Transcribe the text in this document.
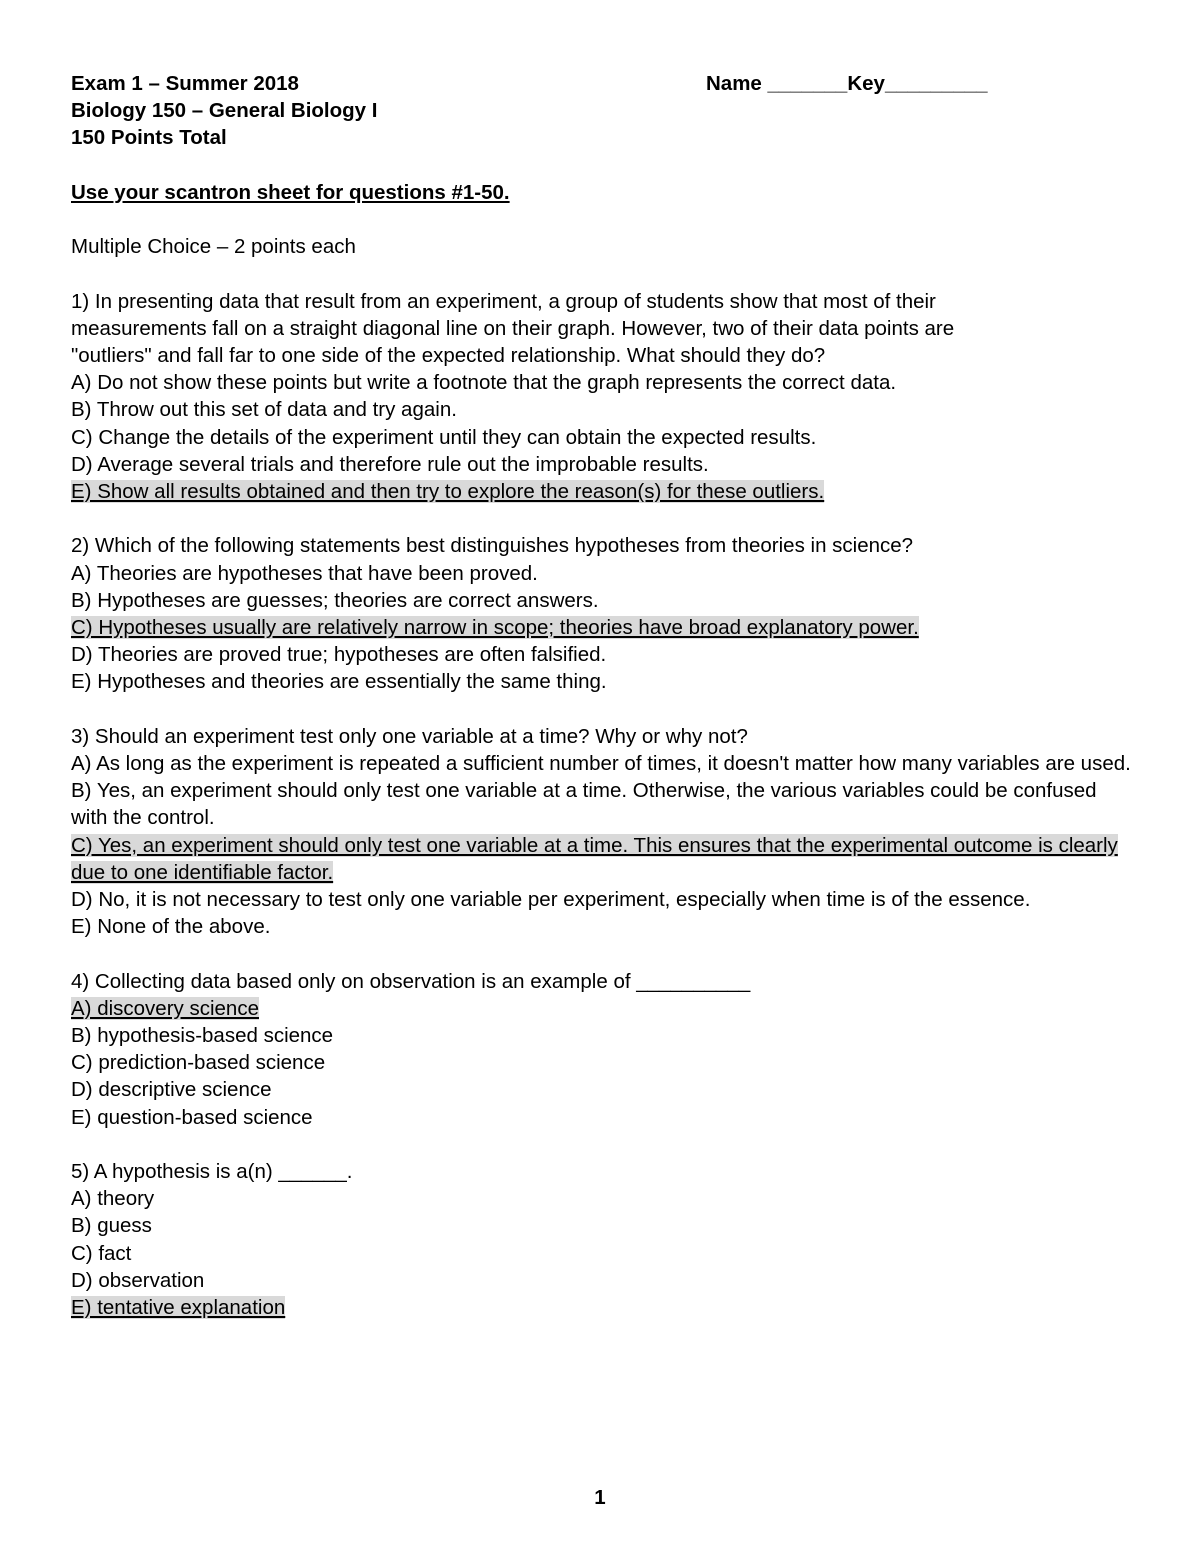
Exam 1 – Summer 2018	Name _______Key_________
Biology 150 – General Biology I
150 Points Total
Use your scantron sheet for questions #1-50.
Multiple Choice – 2 points each
1) In presenting data that result from an experiment, a group of students show that most of their
measurements fall on a straight diagonal line on their graph. However, two of their data points are
"outliers" and fall far to one side of the expected relationship. What should they do?
A) Do not show these points but write a footnote that the graph represents the correct data.
B) Throw out this set of data and try again.
C) Change the details of the experiment until they can obtain the expected results.
D) Average several trials and therefore rule out the improbable results.
E) Show all results obtained and then try to explore the reason(s) for these outliers.
2) Which of the following statements best distinguishes hypotheses from theories in science?
A) Theories are hypotheses that have been proved.
B) Hypotheses are guesses; theories are correct answers.
C) Hypotheses usually are relatively narrow in scope; theories have broad explanatory power.
D) Theories are proved true; hypotheses are often falsified.
E) Hypotheses and theories are essentially the same thing.
3) Should an experiment test only one variable at a time? Why or why not?
A) As long as the experiment is repeated a sufficient number of times, it doesn't matter how many variables are used.
B) Yes, an experiment should only test one variable at a time. Otherwise, the various variables could be confused with the control.
C) Yes, an experiment should only test one variable at a time. This ensures that the experimental outcome is clearly due to one identifiable factor.
D) No, it is not necessary to test only one variable per experiment, especially when time is of the essence.
E) None of the above.
4) Collecting data based only on observation is an example of __________
A) discovery science
B) hypothesis-based science
C) prediction-based science
D) descriptive science
E) question-based science
5) A hypothesis is a(n) ______.
A) theory
B) guess
C) fact
D) observation
E) tentative explanation
1
